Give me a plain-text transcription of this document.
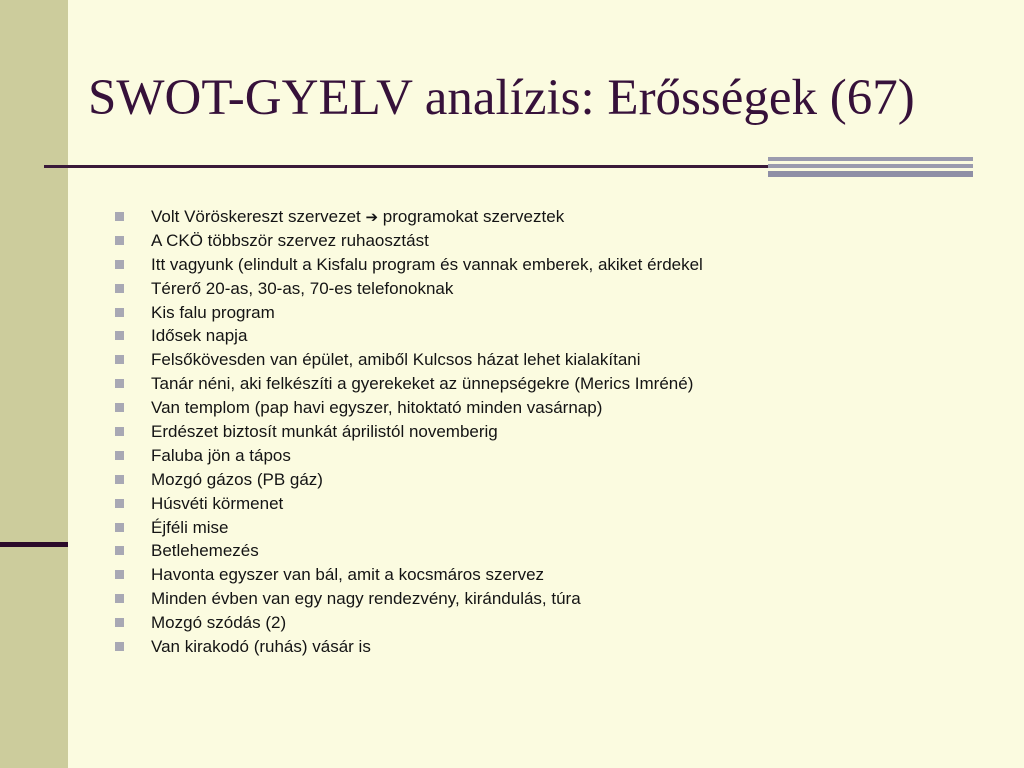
SWOT-GYELV analízis: Erősségek (67)
Volt Vöröskereszt szervezet ➔ programokat szerveztek
A CKÖ többször szervez ruhaosztást
Itt vagyunk (elindult a Kisfalu program és vannak emberek, akiket érdekel
Térerő 20-as, 30-as, 70-es telefonoknak
Kis falu program
Idősek napja
Felsőkövesden van épület, amiből Kulcsos házat lehet kialakítani
Tanár néni, aki felkészíti a gyerekeket az ünnepségekre (Merics Imréné)
Van templom (pap havi egyszer, hitoktató minden vasárnap)
Erdészet biztosít munkát áprilistól novemberig
Faluba jön a tápos
Mozgó gázos (PB gáz)
Húsvéti körmenet
Éjféli mise
Betlehemezés
Havonta egyszer van bál, amit a kocsmáros szervez
Minden évben van egy nagy rendezvény, kirándulás, túra
Mozgó szódás (2)
Van kirakodó (ruhás) vásár is
